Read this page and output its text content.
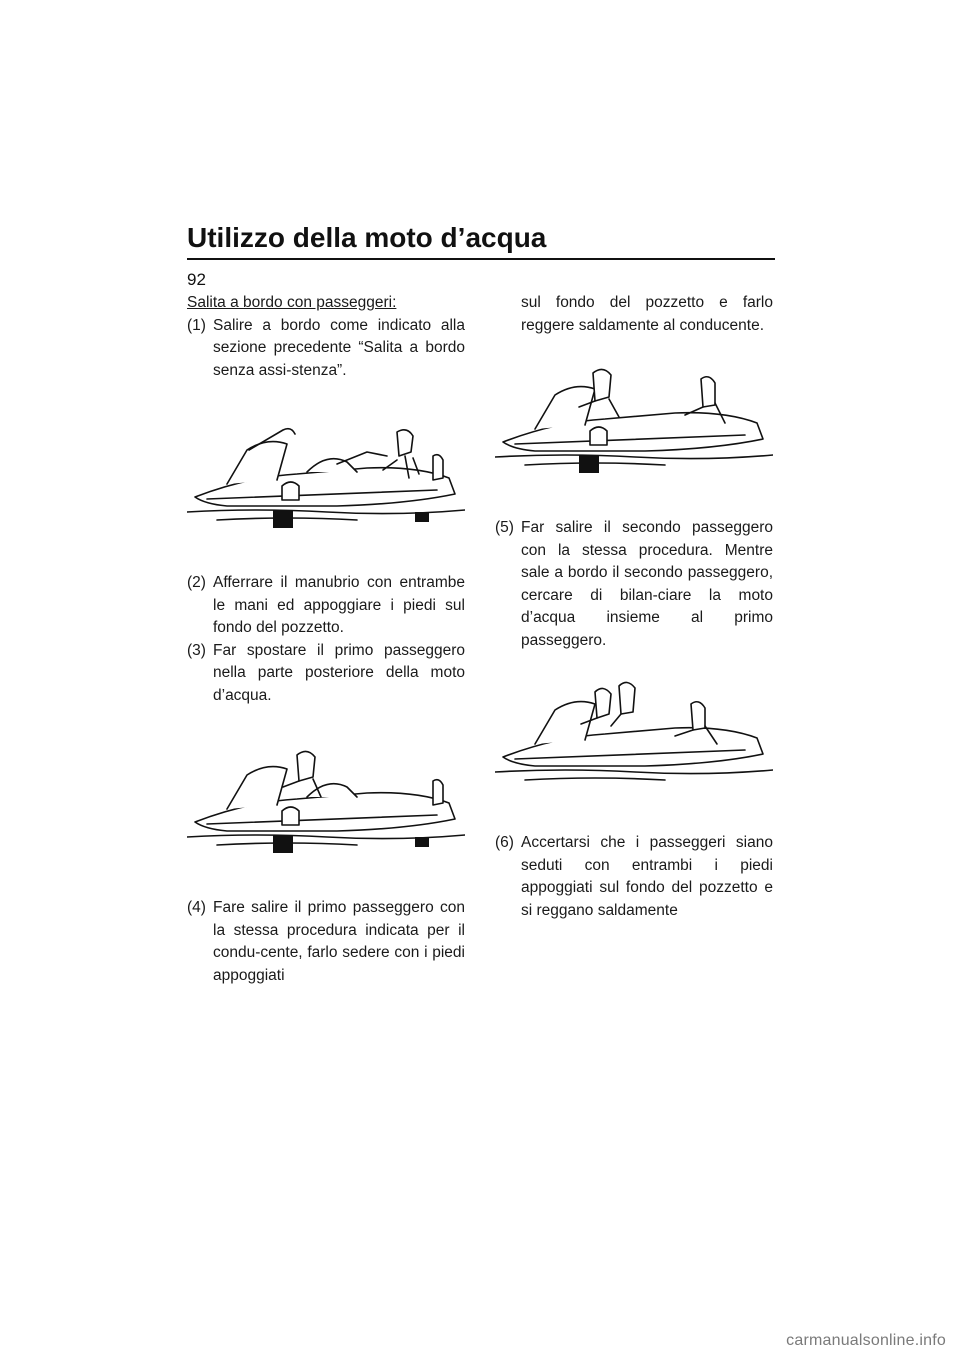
Utilizzo della moto d’acqua
92

Salita a bordo con passeggeri:

(1) Salire a bordo come indicato alla sezione precedente “Salita a bordo senza assi-stenza”.
(2) Afferrare il manubrio con entrambe le mani ed appoggiare i piedi sul fondo del pozzetto.
(3) Far spostare il primo passeggero nella parte posteriore della moto d’acqua.
(4) Fare salire il primo passeggero con la stessa procedura indicata per il condu-cente, farlo sedere con i piedi appoggiati

sul fondo del pozzetto e farlo reggere saldamente al conducente.

(5) Far salire il secondo passeggero con la stessa procedura. Mentre sale a bordo il secondo passeggero, cercare di bilan-ciare la moto d’acqua insieme al primo passeggero.
(6) Accertarsi che i passeggeri siano seduti con entrambi i piedi appoggiati sul fondo del pozzetto e si reggano saldamente
carmanualsonline.info
